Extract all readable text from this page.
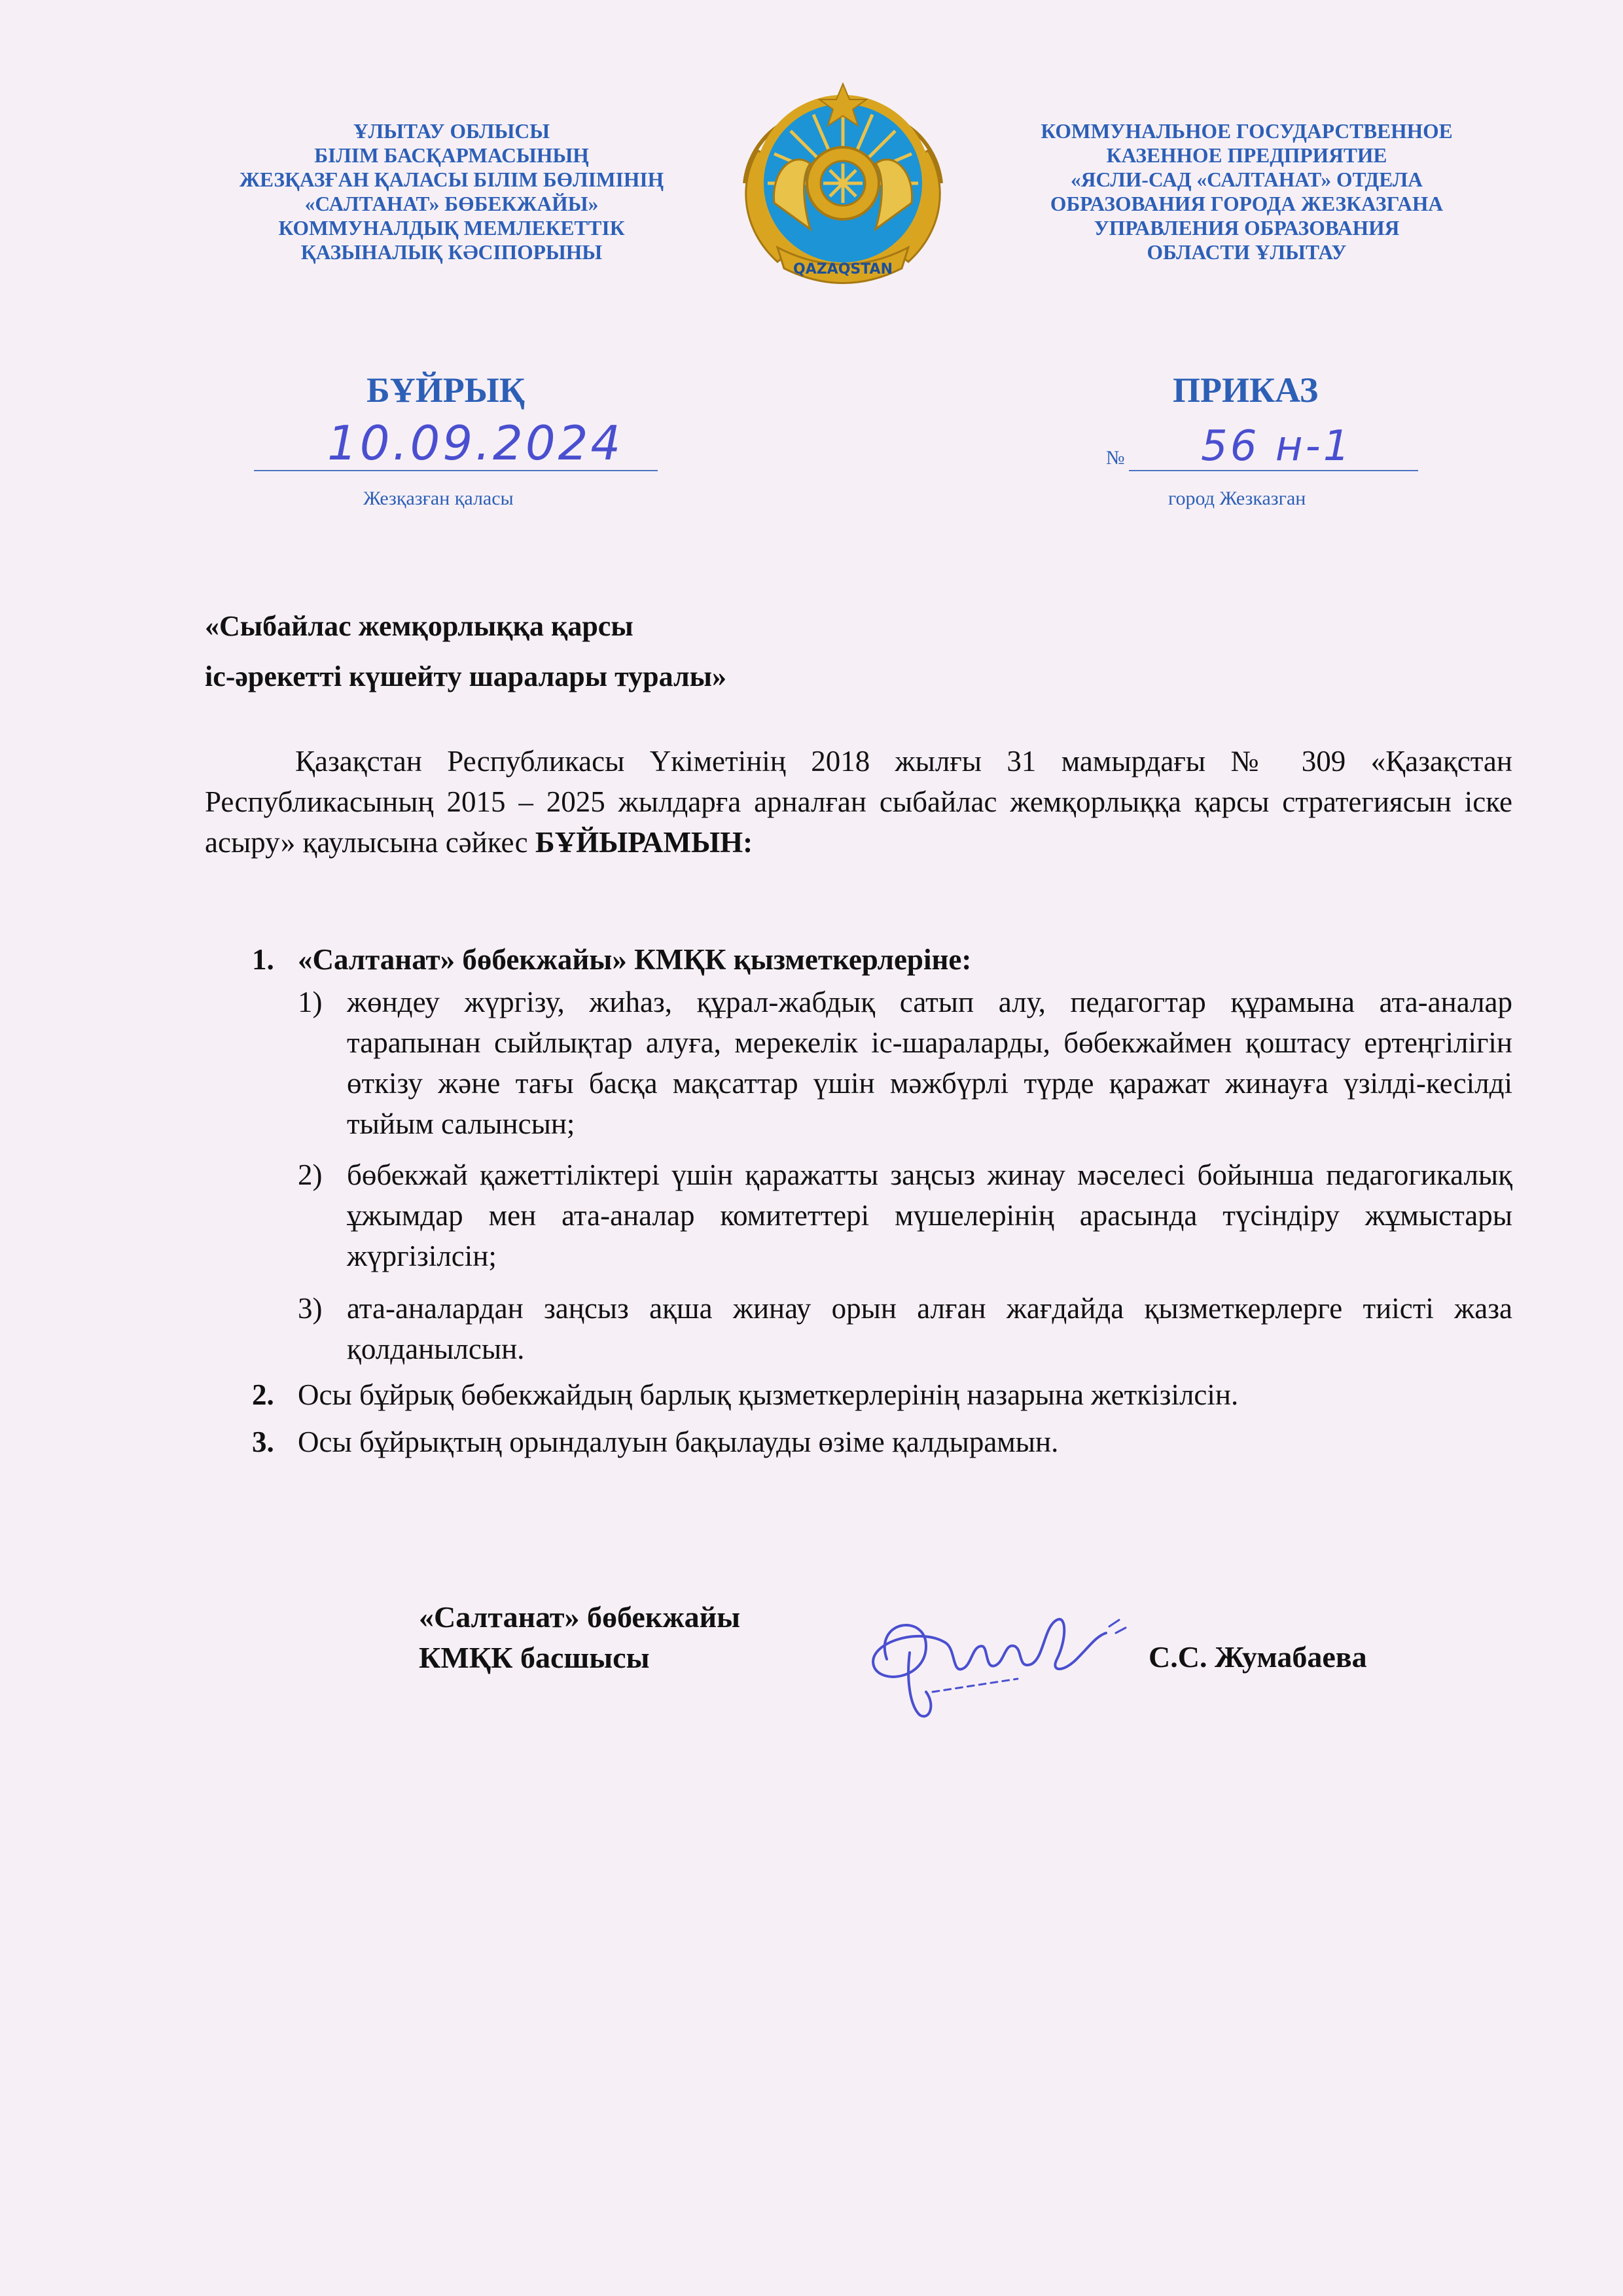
ҰЛЫТАУ ОБЛЫСЫ
БІЛІМ БАСҚАРМАСЫНЫҢ
ЖЕЗҚАЗҒАН ҚАЛАСЫ БІЛІМ БӨЛІМІНІҢ
«САЛТАНАТ» БӨБЕКЖАЙЫ»
КОММУНАЛДЫҚ МЕМЛЕКЕТТІК
ҚАЗЫНАЛЫҚ КӘСІПОРЫНЫ
QAZAQSTAN
КОММУНАЛЬНОЕ ГОСУДАРСТВЕННОЕ
КАЗЕННОЕ ПРЕДПРИЯТИЕ
«ЯСЛИ-САД «САЛТАНАТ» ОТДЕЛА
ОБРАЗОВАНИЯ ГОРОДА ЖЕЗКАЗГАНА
УПРАВЛЕНИЯ ОБРАЗОВАНИЯ
ОБЛАСТИ ҰЛЫТАУ
БҰЙРЫҚ	ПРИКАЗ
10.09.2024	№ 56 н-1
Жезқазған қаласы	город Жезказган
«Сыбайлас жемқорлыққа қарсы
іс-әрекетті күшейту шаралары туралы»
Қазақстан Республикасы Үкіметінің 2018 жылғы 31 мамырдағы № 309 «Қазақстан Республикасының 2015 – 2025 жылдарға арналған сыбайлас жемқорлыққа қарсы стратегиясын іске асыру» қаулысына сәйкес БҰЙЫРАМЫН:
1. «Салтанат» бөбекжайы» КМҚК қызметкерлеріне:
1) жөндеу жүргізу, жиһаз, құрал-жабдық сатып алу, педагогтар құрамына ата-аналар тарапынан сыйлықтар алуға, мерекелік іс-шараларды, бөбекжаймен қоштасу ертеңгілігін өткізу және тағы басқа мақсаттар үшін мәжбүрлі түрде қаражат жинауға үзілді-кесілді тыйым салынсын;
2) бөбекжай қажеттіліктері үшін қаражатты заңсыз жинау мәселесі бойынша педагогикалық ұжымдар мен ата-аналар комитеттері мүшелерінің арасында түсіндіру жұмыстары жүргізілсін;
3) ата-аналардан заңсыз ақша жинау орын алған жағдайда қызметкерлерге тиісті жаза қолданылсын.
2. Осы бұйрық бөбекжайдың барлық қызметкерлерінің назарына жеткізілсін.
3. Осы бұйрықтың орындалуын бақылауды өзіме қалдырамын.
«Салтанат» бөбекжайы
КМҚК басшысы	С.С. Жумабаева
